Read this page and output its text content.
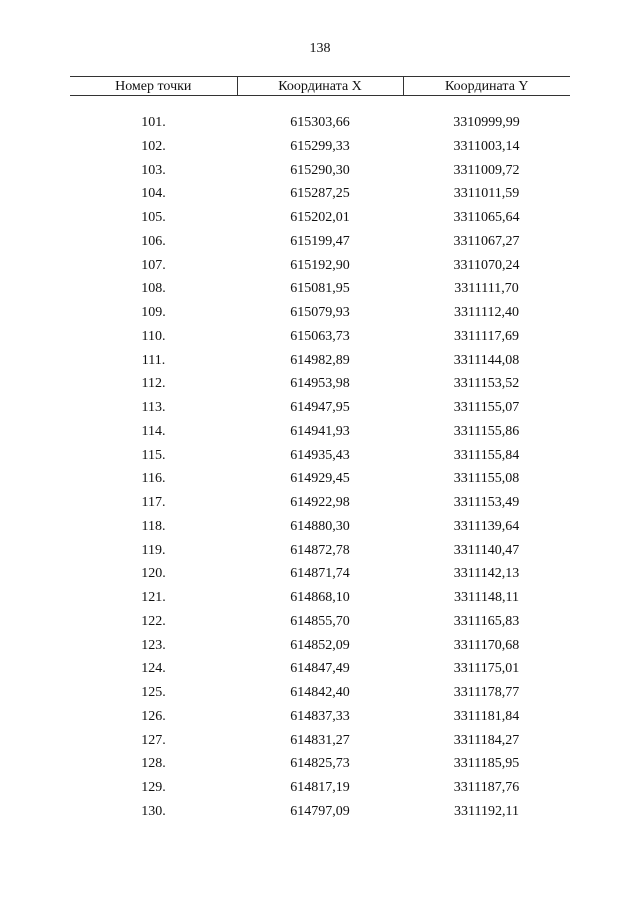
138
Номер точки	Координата X	Координата Y

101.	615303,66	3310999,99
102.	615299,33	3311003,14
103.	615290,30	3311009,72
104.	615287,25	3311011,59
105.	615202,01	3311065,64
106.	615199,47	3311067,27
107.	615192,90	3311070,24
108.	615081,95	3311111,70
109.	615079,93	3311112,40
110.	615063,73	3311117,69
111.	614982,89	3311144,08
112.	614953,98	3311153,52
113.	614947,95	3311155,07
114.	614941,93	3311155,86
115.	614935,43	3311155,84
116.	614929,45	3311155,08
117.	614922,98	3311153,49
118.	614880,30	3311139,64
119.	614872,78	3311140,47
120.	614871,74	3311142,13
121.	614868,10	3311148,11
122.	614855,70	3311165,83
123.	614852,09	3311170,68
124.	614847,49	3311175,01
125.	614842,40	3311178,77
126.	614837,33	3311181,84
127.	614831,27	3311184,27
128.	614825,73	3311185,95
129.	614817,19	3311187,76
130.	614797,09	3311192,11
